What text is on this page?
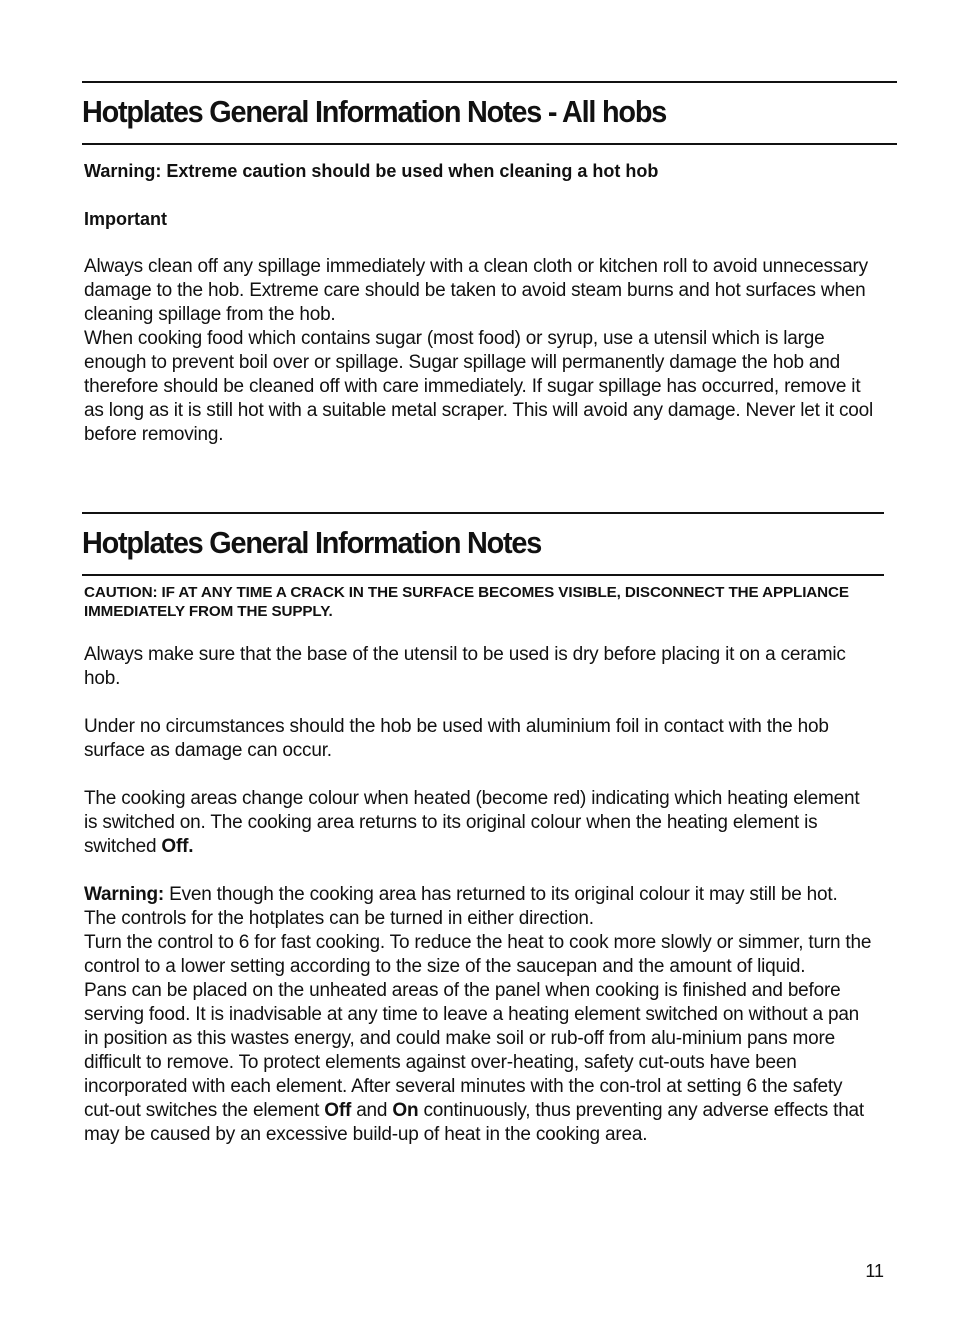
Hotplates General Information Notes - All hobs

Warning: Extreme caution should be used when cleaning a hot hob

Important

Always clean off any spillage immediately with a clean cloth or kitchen roll to avoid unnecessary damage to the hob. Extreme care should be taken to avoid steam burns and hot surfaces when cleaning spillage from the hob.
When cooking food which contains sugar (most food) or syrup, use a utensil which is large enough to prevent boil over or spillage. Sugar spillage will permanently damage the hob and therefore should be cleaned off with care immediately. If sugar spillage has occurred, remove it as long as it is still hot with a suitable metal scraper. This will avoid any damage. Never let it cool before removing.

Hotplates General Information Notes

CAUTION: IF AT ANY TIME A CRACK IN THE SURFACE BECOMES VISIBLE, DISCONNECT THE APPLIANCE IMMEDIATELY FROM THE SUPPLY.

Always make sure that the base of the utensil to be used is dry before placing it on a ceramic hob.

Under no circumstances should the hob be used with aluminium foil in contact with the hob surface as damage can occur.

The cooking areas change colour when heated (become red) indicating which heating element is switched on. The cooking area returns to its original colour when the heating element is switched Off.

Warning: Even though the cooking area has returned to its original colour it may still be hot.
The controls for the hotplates can be turned in either direction.
Turn the control to 6 for fast cooking. To reduce the heat to cook more slowly or simmer, turn the control to a lower setting according to the size of the saucepan and the amount of liquid.
Pans can be placed on the unheated areas of the panel when cooking is finished and before serving food. It is inadvisable at any time to leave a heating element switched on without a pan in position as this wastes energy, and could make soil or rub-off from alu-minium pans more difficult to remove. To protect elements against over-heating, safety cut-outs have been incorporated with each element. After several minutes with the con-trol at setting 6 the safety cut-out switches the element Off and On continuously, thus preventing any adverse effects that may be caused by an excessive build-up of heat in the cooking area.

11
